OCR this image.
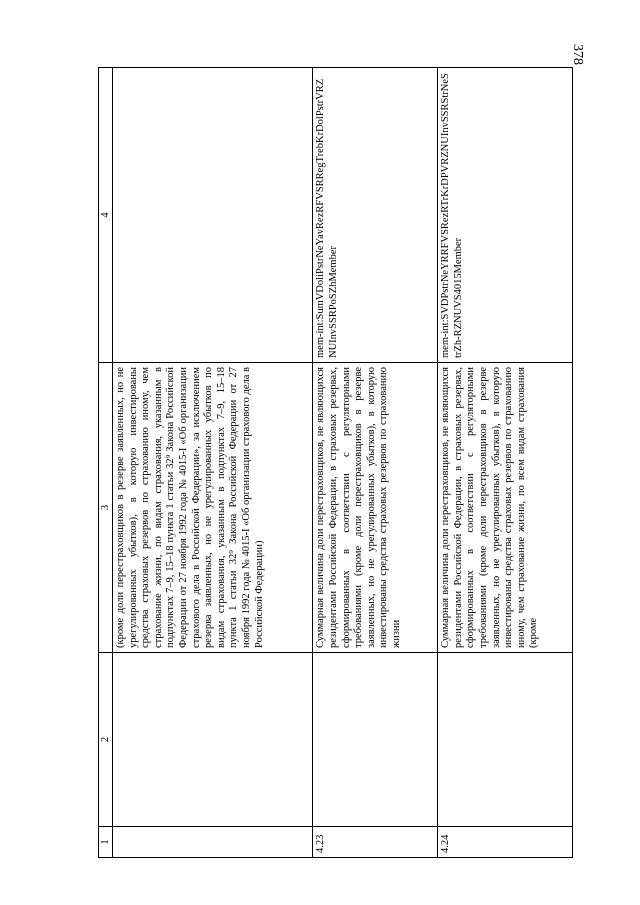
378
1	2	3	4
		(кроме доли перестраховщиков в резерве заявленных, но не урегулированных убытков), в которую инвестированы средства страховых резервов по страхованию иному, чем страхование жизни, по видам страхования, указанным в подпунктах 7–9, 15–18 пункта 1 статьи 32⁹ Закона Российской Федерации от 27 ноября 1992 года № 4015-I «Об организации страхового дела в Российской Федерации», за исключением резерва заявленных, но не урегулированных убытков по видам страхования, указанным в подпунктах 7–9, 15–18 пункта 1 статьи 32⁹ Закона Российской Федерации от 27 ноября 1992 года № 4015-I «Об организации страхового дела в Российской Федерации)	
4.23		Суммарная величина доли перестраховщиков, не являющихся резидентами Российской Федерации, в страховых резервах, сформированных в соответствии с регуляторными требованиями (кроме доли перестраховщиков в резерве заявленных, но не урегулированных убытков), в которую инвестированы средства страховых резервов по страхованию жизни	mem-int:SumVDoliPstrNeYavRezRFVSRRegTrebKrDolPstrVRZNUInvSSRPoSZhMember
4.24		Суммарная величина доли перестраховщиков, не являющихся резидентами Российской Федерации, в страховых резервах, сформированных в соответствии с регуляторными требованиями (кроме доли перестраховщиков в резерве заявленных, но не урегулированных убытков), в которую инвестированы средства страховых резервов по страхованию иному, чем страхование жизни, по всем видам страхования (кроме	mem-int:SVDPstrNeYRRFVSRezRTrKrDPVRZNUInvSSRStrNeStrZh-RZNUVS4015Member
